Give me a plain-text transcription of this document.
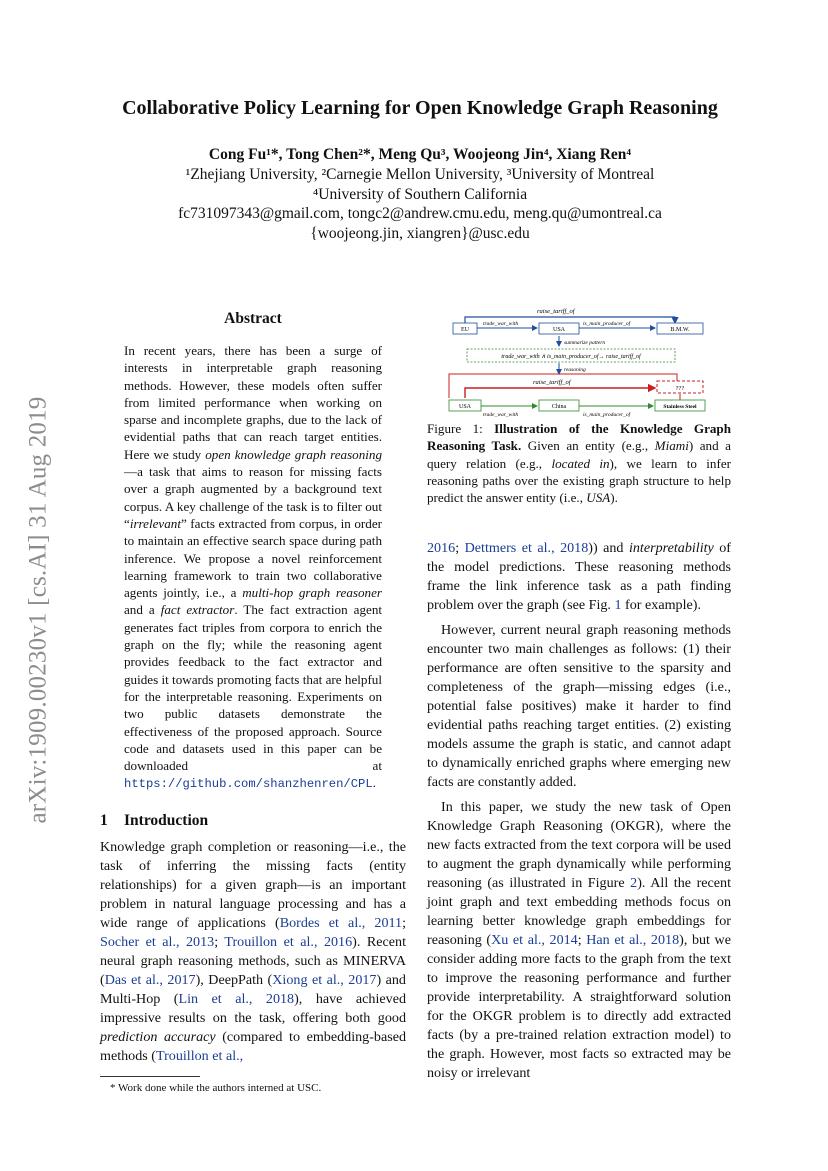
arXiv:1909.00230v1 [cs.AI] 31 Aug 2019
Collaborative Policy Learning for Open Knowledge Graph Reasoning
Cong Fu¹*, Tong Chen²*, Meng Qu³, Woojeong Jin⁴, Xiang Ren⁴
¹Zhejiang University, ²Carnegie Mellon University, ³University of Montreal
⁴University of Southern California
fc731097343@gmail.com, tongc2@andrew.cmu.edu, meng.qu@umontreal.ca
{woojeong.jin, xiangren}@usc.edu
Abstract

In recent years, there has been a surge of interests in interpretable graph reasoning methods. However, these models often suffer from limited performance when working on sparse and incomplete graphs, due to the lack of evidential paths that can reach target entities. Here we study open knowledge graph reasoning—a task that aims to reason for missing facts over a graph augmented by a background text corpus. A key challenge of the task is to filter out “irrelevant” facts extracted from corpus, in order to maintain an effective search space during path inference. We propose a novel reinforcement learning framework to train two collaborative agents jointly, i.e., a multi-hop graph reasoner and a fact extractor. The fact extraction agent generates fact triples from corpora to enrich the graph on the fly; while the reasoning agent provides feedback to the fact extractor and guides it towards promoting facts that are helpful for the interpretable reasoning. Experiments on two public datasets demonstrate the effectiveness of the proposed approach. Source code and datasets used in this paper can be downloaded at https://github.com/shanzhenren/CPL.

1 Introduction

Knowledge graph completion or reasoning—i.e., the task of inferring the missing facts (entity relationships) for a given graph—is an important problem in natural language processing and has a wide range of applications (Bordes et al., 2011; Socher et al., 2013; Trouillon et al., 2016). Recent neural graph reasoning methods, such as MINERVA (Das et al., 2017), DeepPath (Xiong et al., 2017) and Multi-Hop (Lin et al., 2018), have achieved impressive results on the task, offering both good prediction accuracy (compared to embedding-based methods (Trouillon et al.,

* Work done while the authors interned at USC.
raise_tariff_of
EU	USA	B.M.W.
trade_war_with	is_main_producer_of
summarize pattern
trade_war_with ∧ is_main_producer_of→ raise_tariff_of
reasoning
raise_tariff_of
???
USA	China	Stainless Steel
trade_war_with	is_main_producer_of

Figure 1: Illustration of the Knowledge Graph Reasoning Task. Given an entity (e.g., Miami) and a query relation (e.g., located in), we learn to infer reasoning paths over the existing graph structure to help predict the answer entity (i.e., USA).

2016; Dettmers et al., 2018)) and interpretability of the model predictions. These reasoning methods frame the link inference task as a path finding problem over the graph (see Fig. 1 for example).

However, current neural graph reasoning methods encounter two main challenges as follows: (1) their performance are often sensitive to the sparsity and completeness of the graph—missing edges (i.e., potential false positives) make it harder to find evidential paths reaching target entities. (2) existing models assume the graph is static, and cannot adapt to dynamically enriched graphs where emerging new facts are constantly added.

In this paper, we study the new task of Open Knowledge Graph Reasoning (OKGR), where the new facts extracted from the text corpora will be used to augment the graph dynamically while performing reasoning (as illustrated in Figure 2). All the recent joint graph and text embedding methods focus on learning better knowledge graph embeddings for reasoning (Xu et al., 2014; Han et al., 2018), but we consider adding more facts to the graph from the text to improve the reasoning performance and further provide interpretability. A straightforward solution for the OKGR problem is to directly add extracted facts (by a pre-trained relation extraction model) to the graph. However, most facts so extracted may be noisy or irrelevant
